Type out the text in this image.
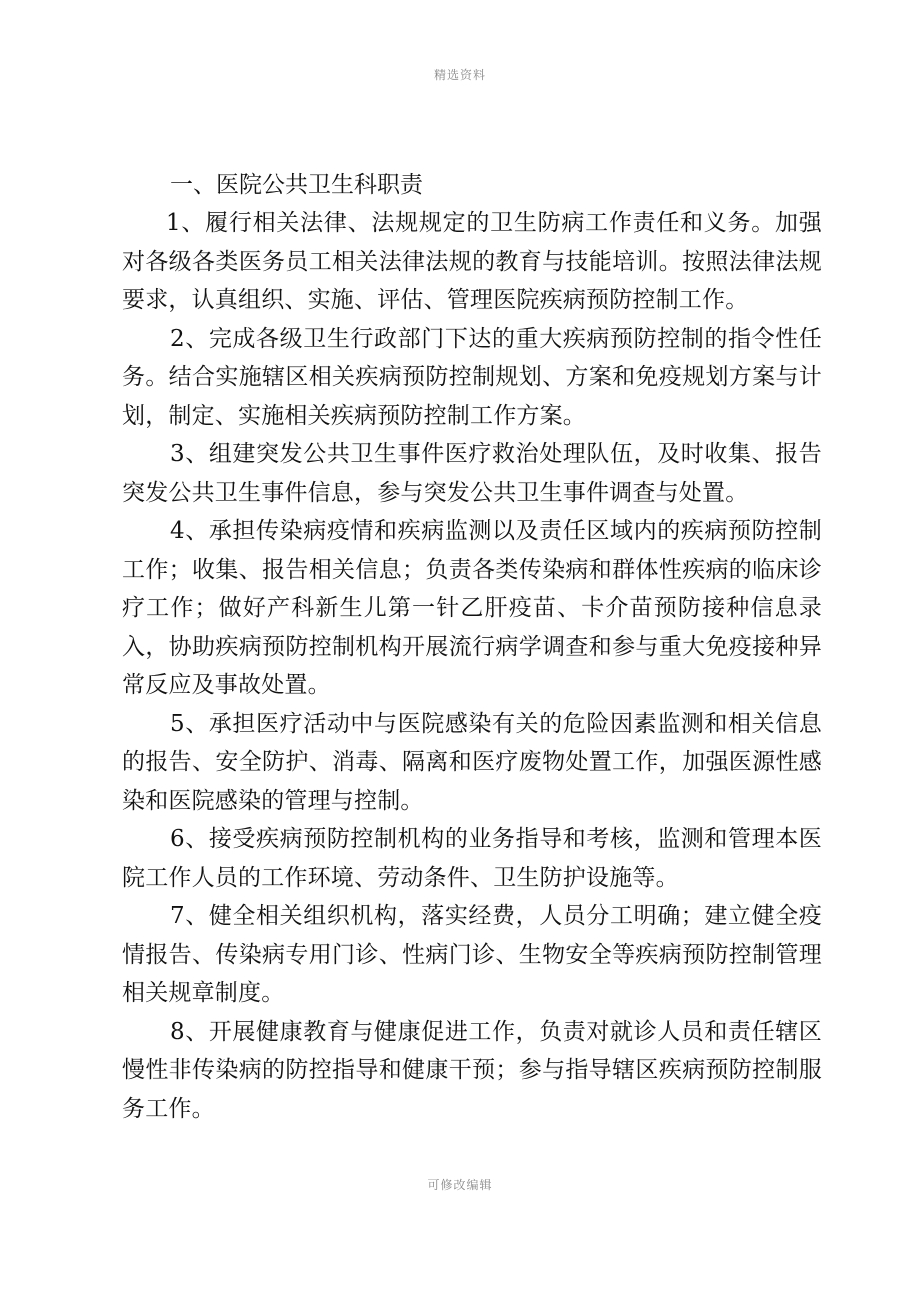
精选资料

一、医院公共卫生科职责

1、履行相关法律、法规规定的卫生防病工作责任和义务。加强对各级各类医务员工相关法律法规的教育与技能培训。按照法律法规要求，认真组织、实施、评估、管理医院疾病预防控制工作。

2、完成各级卫生行政部门下达的重大疾病预防控制的指令性任务。结合实施辖区相关疾病预防控制规划、方案和免疫规划方案与计划，制定、实施相关疾病预防控制工作方案。

3、组建突发公共卫生事件医疗救治处理队伍，及时收集、报告突发公共卫生事件信息，参与突发公共卫生事件调查与处置。

4、承担传染病疫情和疾病监测以及责任区域内的疾病预防控制工作；收集、报告相关信息；负责各类传染病和群体性疾病的临床诊疗工作；做好产科新生儿第一针乙肝疫苗、卡介苗预防接种信息录入，协助疾病预防控制机构开展流行病学调查和参与重大免疫接种异常反应及事故处置。

5、承担医疗活动中与医院感染有关的危险因素监测和相关信息的报告、安全防护、消毒、隔离和医疗废物处置工作，加强医源性感染和医院感染的管理与控制。

6、接受疾病预防控制机构的业务指导和考核，监测和管理本医院工作人员的工作环境、劳动条件、卫生防护设施等。

7、健全相关组织机构，落实经费，人员分工明确；建立健全疫情报告、传染病专用门诊、性病门诊、生物安全等疾病预防控制管理相关规章制度。

8、开展健康教育与健康促进工作，负责对就诊人员和责任辖区慢性非传染病的防控指导和健康干预；参与指导辖区疾病预防控制服务工作。

可修改编辑
